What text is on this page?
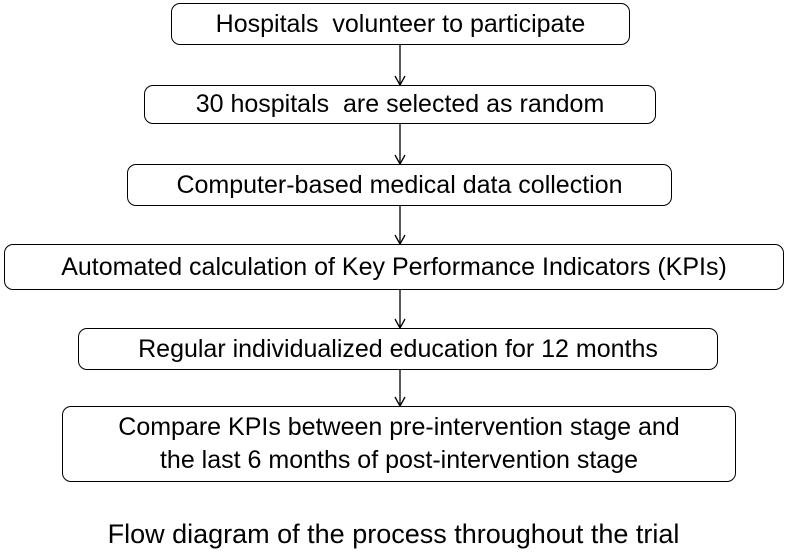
Hospitals  volunteer to participate
30 hospitals  are selected as random
Computer-based medical data collection
Automated calculation of Key Performance Indicators (KPIs)
Regular individualized education for 12 months
Compare KPIs between pre-intervention stage and
the last 6 months of post-intervention stage
Flow diagram of the process throughout the trial
